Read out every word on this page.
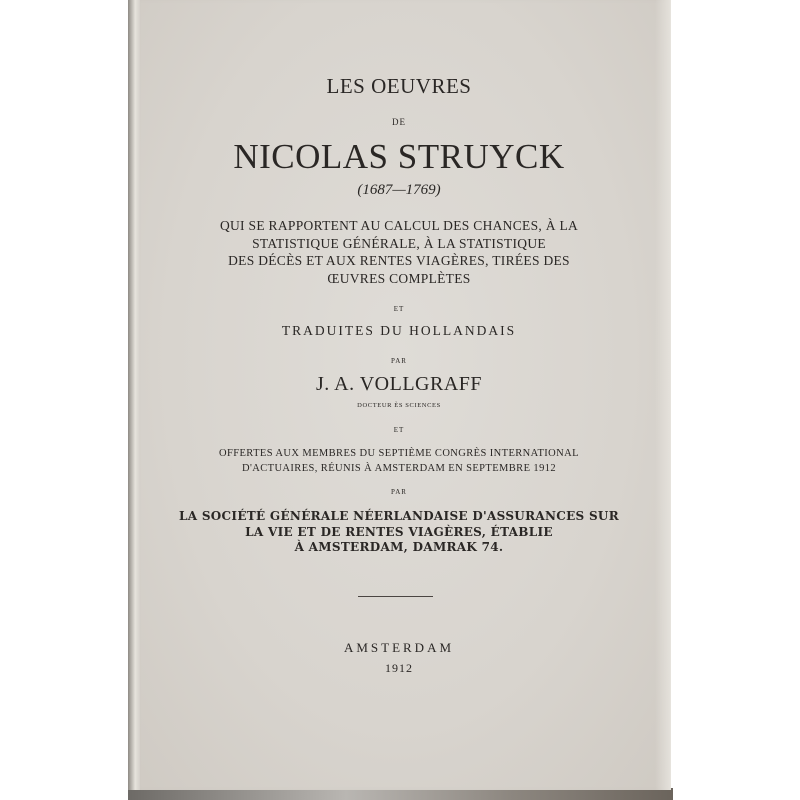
LES OEUVRES
DE
NICOLAS STRUYCK
(1687—1769)
QUI SE RAPPORTENT AU CALCUL DES CHANCES, À LA
STATISTIQUE GÉNÉRALE, À LA STATISTIQUE
DES DÉCÈS ET AUX RENTES VIAGÈRES, TIRÉES DES
ŒUVRES COMPLÈTES
ET
TRADUITES DU HOLLANDAIS
PAR
J. A. VOLLGRAFF
DOCTEUR ÈS SCIENCES
ET
OFFERTES AUX MEMBRES DU SEPTIÈME CONGRÈS INTERNATIONAL
D'ACTUAIRES, RÉUNIS À AMSTERDAM EN SEPTEMBRE 1912
PAR
LA SOCIÉTÉ GÉNÉRALE NÉERLANDAISE D'ASSURANCES SUR
LA VIE ET DE RENTES VIAGÈRES, ÉTABLIE
À AMSTERDAM, DAMRAK 74.
AMSTERDAM
1912
